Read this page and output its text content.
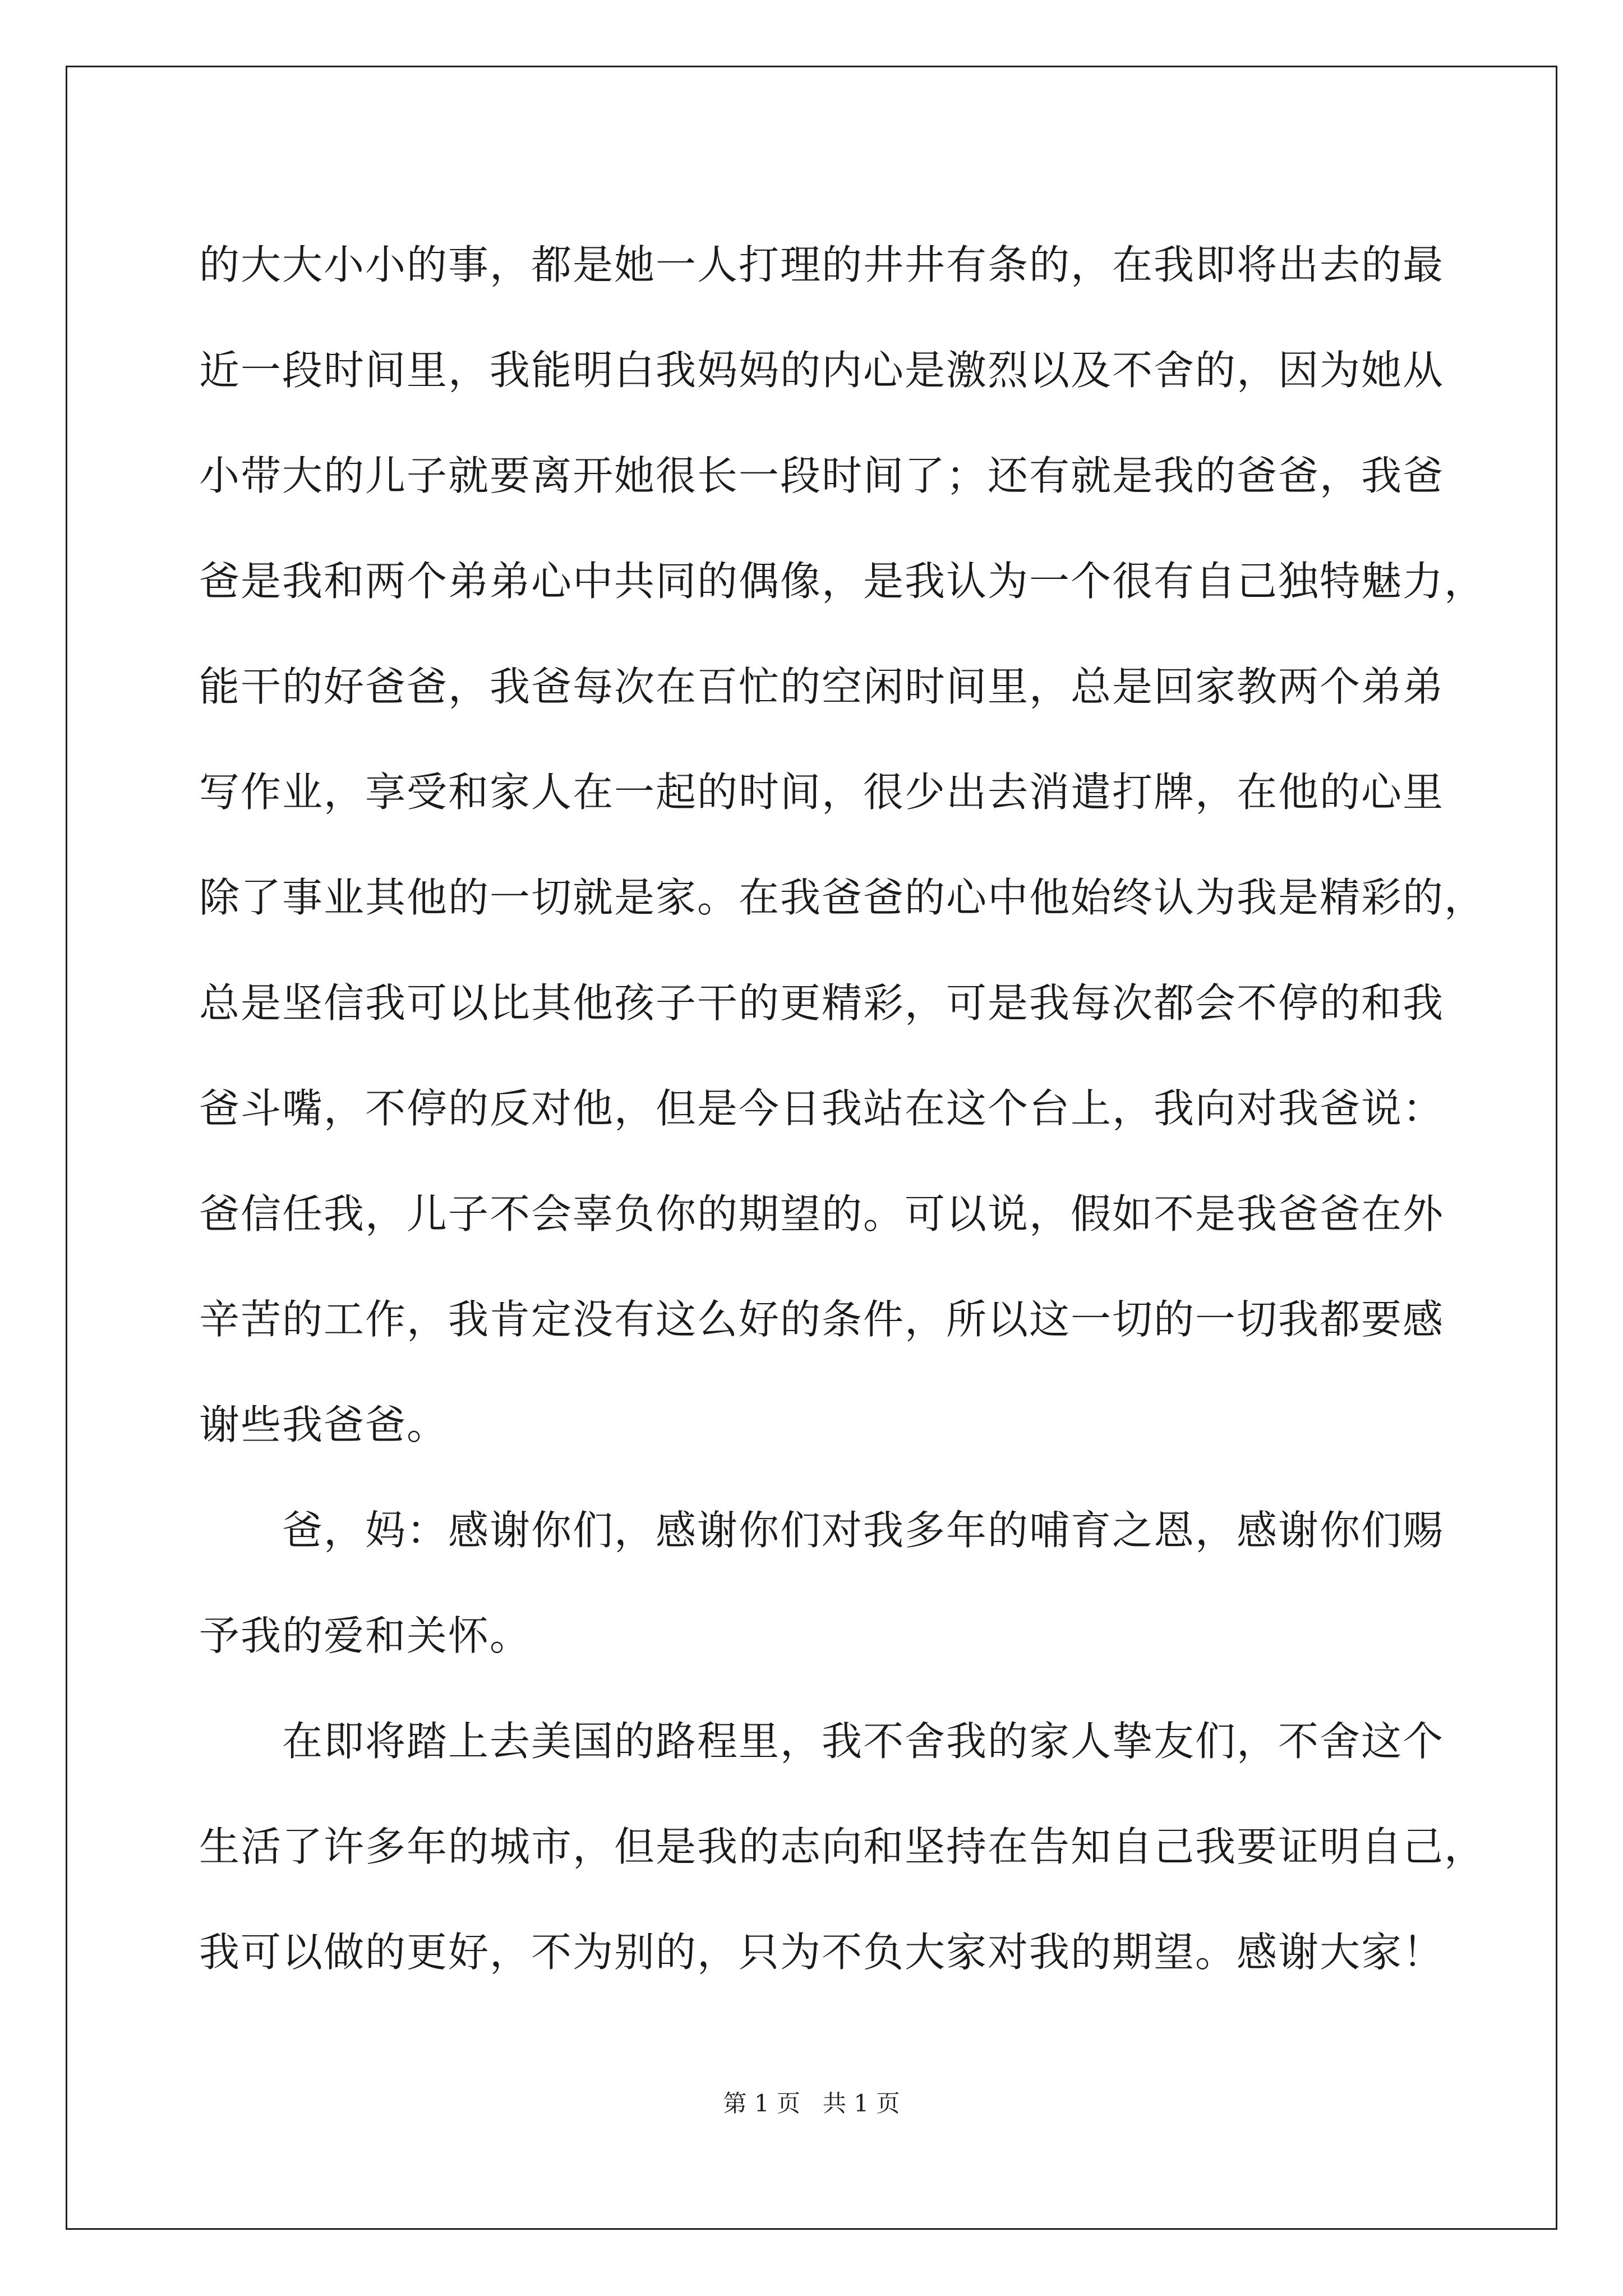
的大大小小的事，都是她一人打理的井井有条的，在我即将出去的最
近一段时间里，我能明白我妈妈的内心是激烈以及不舍的，因为她从
小带大的儿子就要离开她很长一段时间了；还有就是我的爸爸，我爸
爸是我和两个弟弟心中共同的偶像，是我认为一个很有自己独特魅力，
能干的好爸爸，我爸每次在百忙的空闲时间里，总是回家教两个弟弟
写作业，享受和家人在一起的时间，很少出去消遣打牌，在他的心里
除了事业其他的一切就是家。在我爸爸的心中他始终认为我是精彩的，
总是坚信我可以比其他孩子干的更精彩，可是我每次都会不停的和我
爸斗嘴，不停的反对他，但是今日我站在这个台上，我向对我爸说：
爸信任我，儿子不会辜负你的期望的。可以说，假如不是我爸爸在外
辛苦的工作，我肯定没有这么好的条件，所以这一切的一切我都要感
谢些我爸爸。
爸，妈：感谢你们，感谢你们对我多年的哺育之恩，感谢你们赐
予我的爱和关怀。
在即将踏上去美国的路程里，我不舍我的家人挚友们，不舍这个
生活了许多年的城市，但是我的志向和坚持在告知自己我要证明自己，
我可以做的更好，不为别的，只为不负大家对我的期望。感谢大家！
第 1 页   共 1 页
